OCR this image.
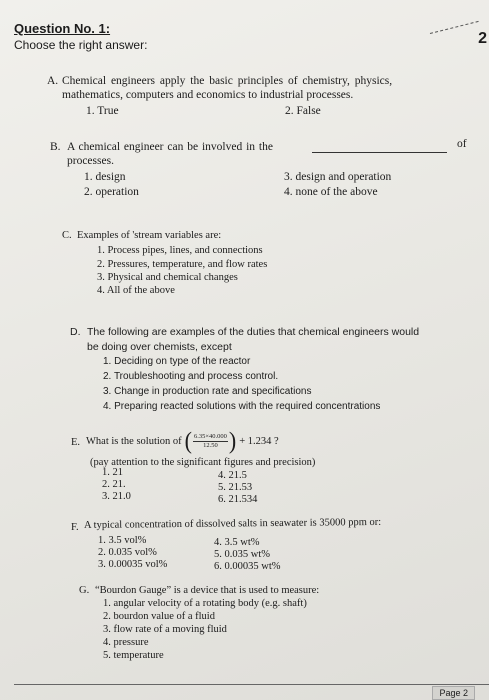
Question No. 1:
Choose the right answer:	2
A. Chemical engineers apply the basic principles of chemistry, physics,
mathematics, computers and economics to industrial processes.
1. True	2. False
B. A chemical engineer can be involved in the	of
processes.
1. design
2. operation
3. design and operation
4. none of the above
C. Examples of 'stream variables are:
1. Process pipes, lines, and connections
2. Pressures, temperature, and flow rates
3. Physical and chemical changes
4. All of the above
D. The following are examples of the duties that chemical engineers would
be doing over chemists, except
1. Deciding on type of the reactor
2. Troubleshooting and process control.
3. Change in production rate and specifications
4. Preparing reacted solutions with the required concentrations
E. What is the solution of ( $\frac{6.35\times 40.000}{12.50}$ ) + 1.234 ?
(pay attention to the significant figures and precision)
1. 21
2. 21.
3. 21.0
4. 21.5
5. 21.53
6. 21.534
F. A typical concentration of dissolved salts in seawater is 35000 ppm or:
1. 3.5 vol%
2. 0.035 vol%
3. 0.00035 vol%
4. 3.5 wt%
5. 0.035 wt%
6. 0.00035 wt%
G. “Bourdon Gauge” is a device that is used to measure:
1. angular velocity of a rotating body (e.g. shaft)
2. bourdon value of a fluid
3. flow rate of a moving fluid
4. pressure
5. temperature
Page 2
